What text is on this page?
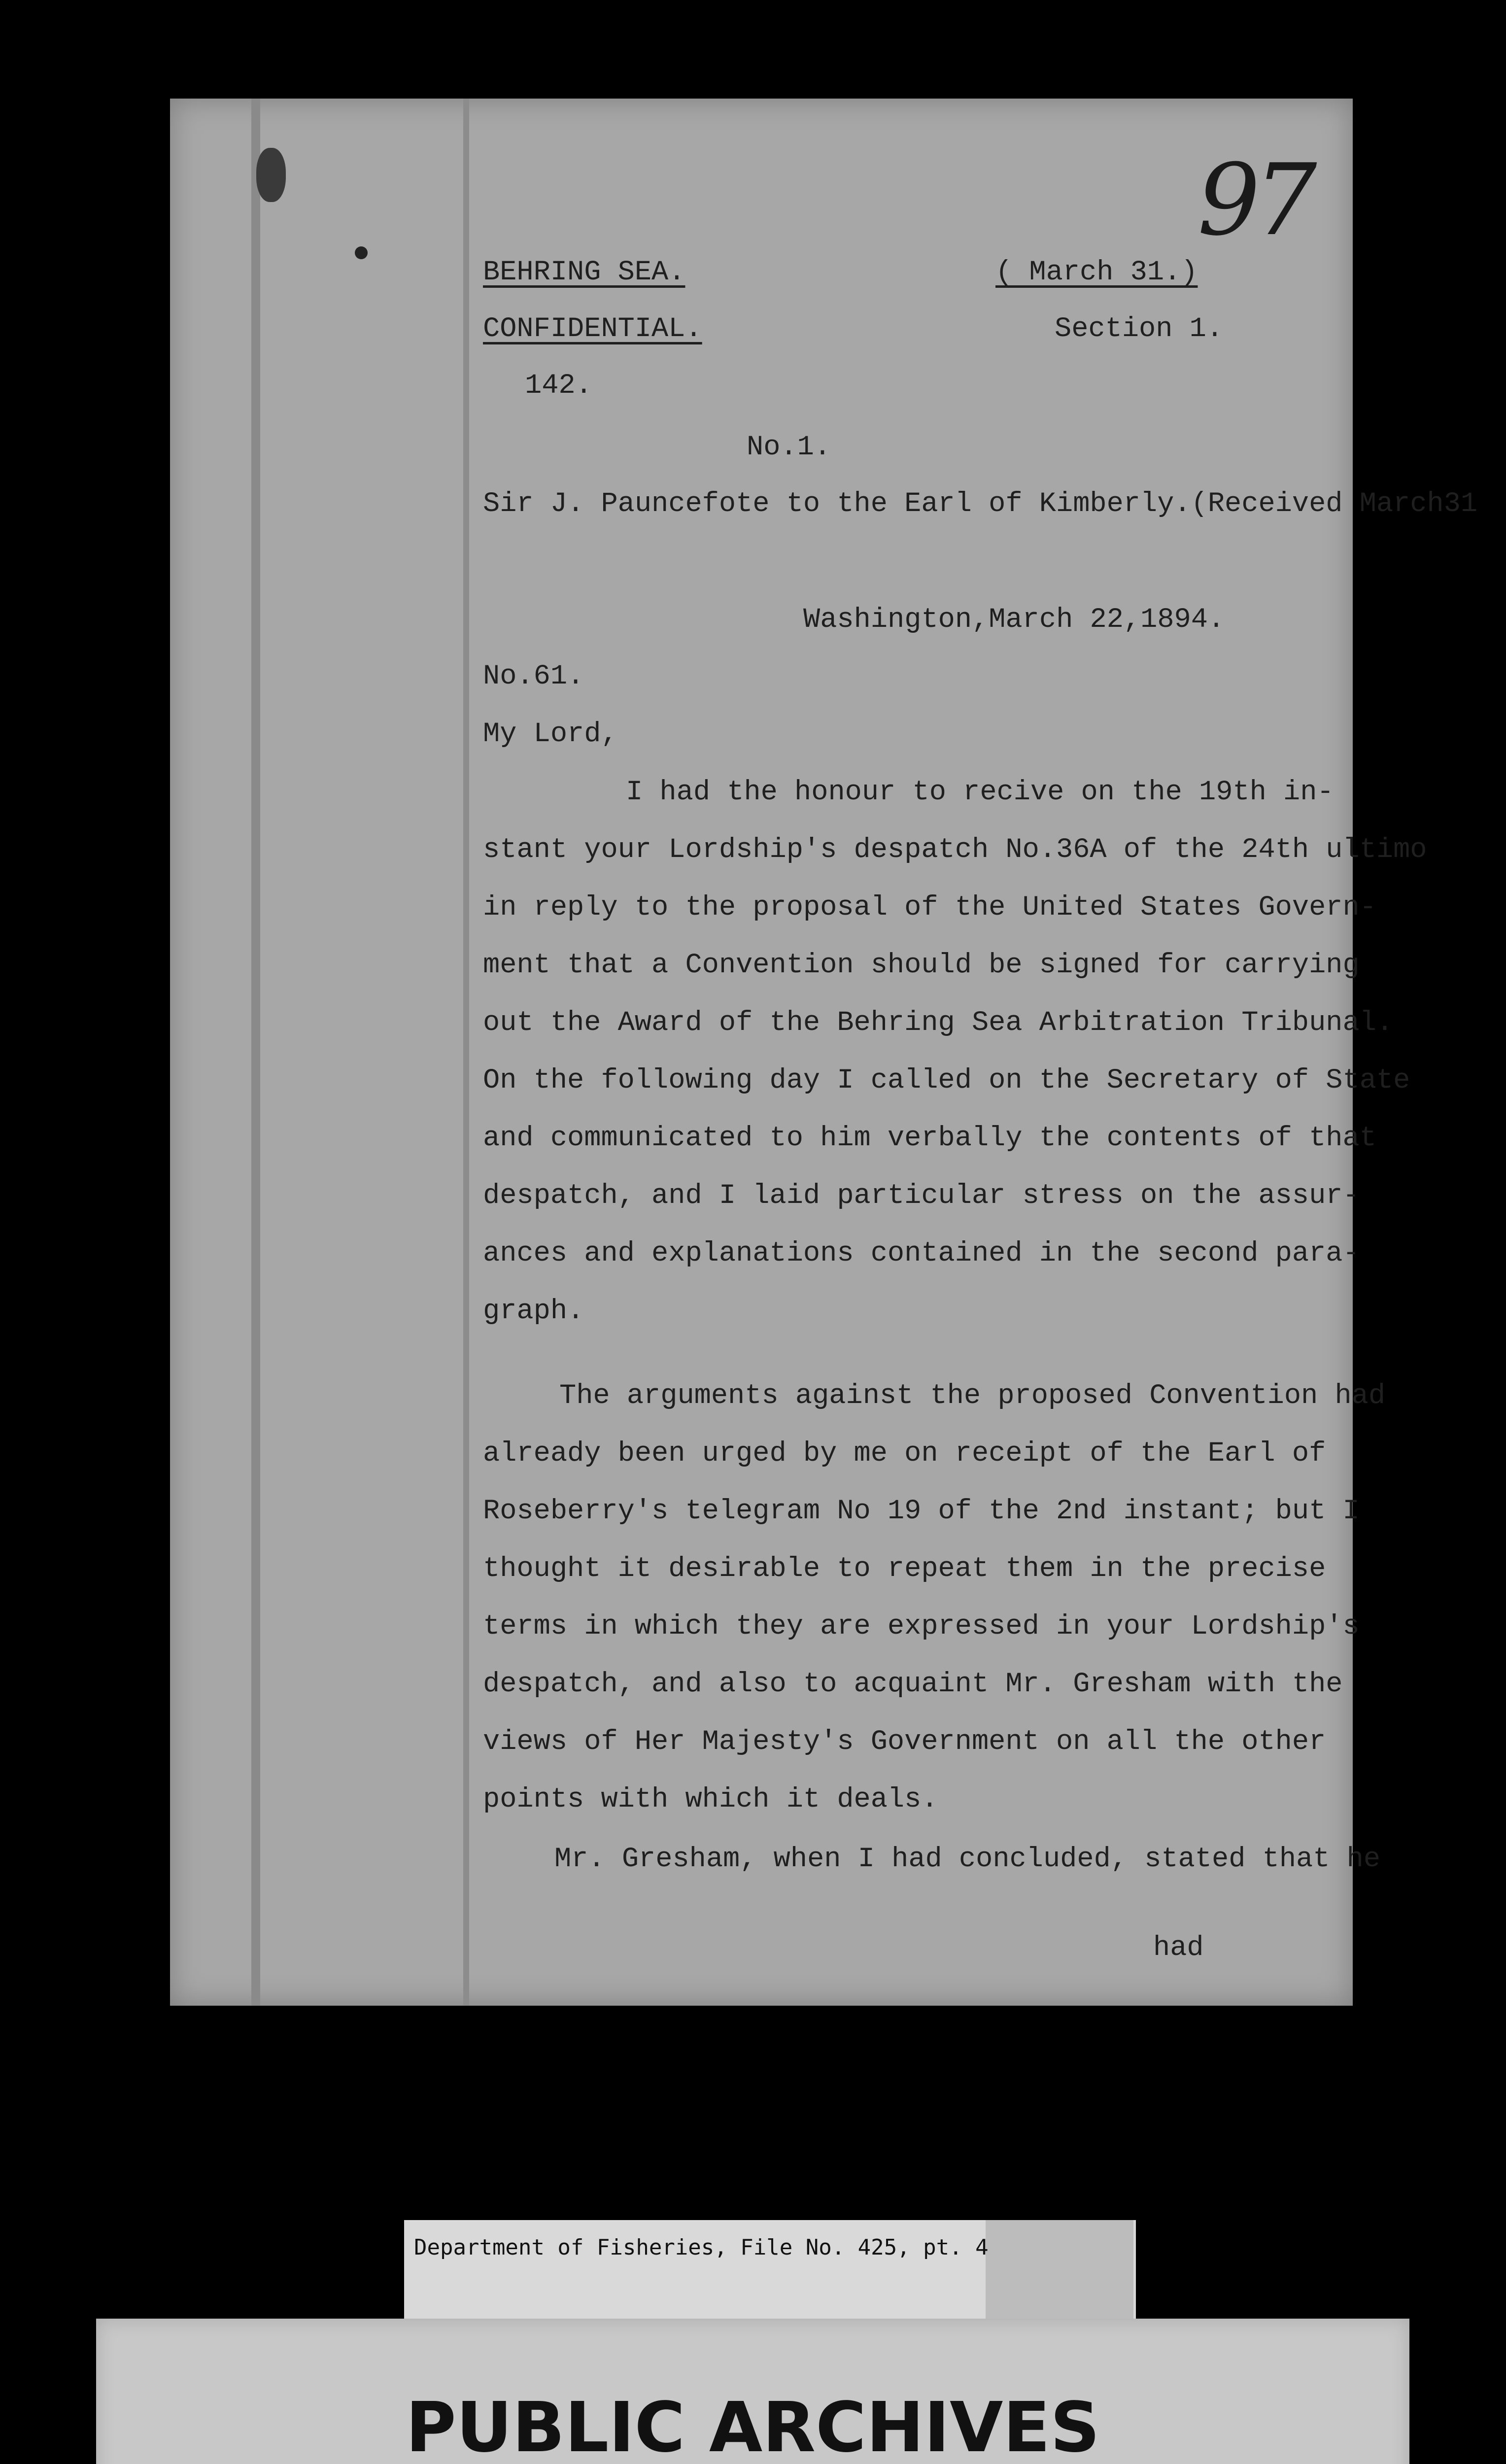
97
BEHRING SEA.
CONFIDENTIAL.
142.
( March 31.)
Section 1.
No.1.
Sir J. Pauncefote to the Earl of Kimberly.(Received March31
Washington,March 22,1894.
No.61.
My Lord,
I had the honour to recive on the 19th in-
stant your Lordship's despatch No.36A of the 24th ultimo
in reply to the proposal of the United States Govern-
ment that a Convention should be signed for carrying
out the Award of the Behring Sea Arbitration Tribunal.
On the following day I called on the Secretary of State
and communicated to him verbally the contents of that
despatch, and I laid particular stress on the assur-
ances and explanations contained in the second para-
graph.
The arguments against the proposed Convention had
already been urged by me on receipt of the Earl of
Roseberry's telegram No 19 of the 2nd instant; but I
thought it desirable to repeat them in the precise
terms in which they are expressed in your Lordship's
despatch, and also to acquaint Mr. Gresham with the
views of Her Majesty's Government on all the other
points with which it deals.
Mr. Gresham, when I had concluded, stated that he
had
Department of Fisheries, File No. 425, pt. 4
PUBLIC ARCHIVES
